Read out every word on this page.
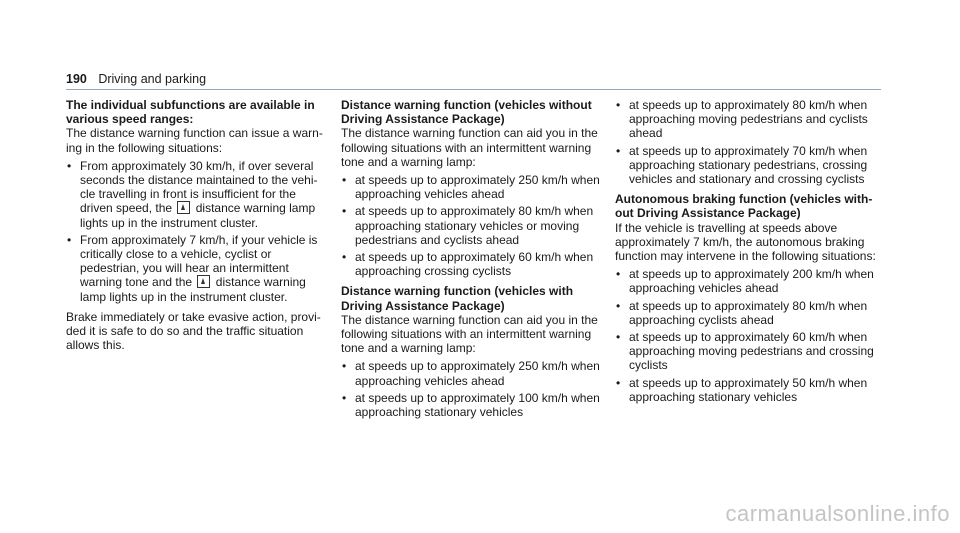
190 Driving and parking

The individual subfunctions are available in various speed ranges:

The distance warning function can issue a warning in the following situations:

• From approximately 30 km/h, if over several seconds the distance maintained to the vehicle travelling in front is insufficient for the driven speed, the distance warning lamp lights up in the instrument cluster.
• From approximately 7 km/h, if your vehicle is critically close to a vehicle, cyclist or pedestrian, you will hear an intermittent warning tone and the distance warning lamp lights up in the instrument cluster.

Brake immediately or take evasive action, provided it is safe to do so and the traffic situation allows this.

Distance warning function (vehicles without Driving Assistance Package)

The distance warning function can aid you in the following situations with an intermittent warning tone and a warning lamp:

• at speeds up to approximately 250 km/h when approaching vehicles ahead
• at speeds up to approximately 80 km/h when approaching stationary vehicles or moving pedestrians and cyclists ahead
• at speeds up to approximately 60 km/h when approaching crossing cyclists

Distance warning function (vehicles with Driving Assistance Package)

The distance warning function can aid you in the following situations with an intermittent warning tone and a warning lamp:

• at speeds up to approximately 250 km/h when approaching vehicles ahead
• at speeds up to approximately 100 km/h when approaching stationary vehicles
• at speeds up to approximately 80 km/h when approaching moving pedestrians and cyclists ahead
• at speeds up to approximately 70 km/h when approaching stationary pedestrians, crossing vehicles and stationary and crossing cyclists

Autonomous braking function (vehicles without Driving Assistance Package)

If the vehicle is travelling at speeds above approximately 7 km/h, the autonomous braking function may intervene in the following situations:

• at speeds up to approximately 200 km/h when approaching vehicles ahead
• at speeds up to approximately 80 km/h when approaching cyclists ahead
• at speeds up to approximately 60 km/h when approaching moving pedestrians and crossing cyclists
• at speeds up to approximately 50 km/h when approaching stationary vehicles
carmanualsonline.info
